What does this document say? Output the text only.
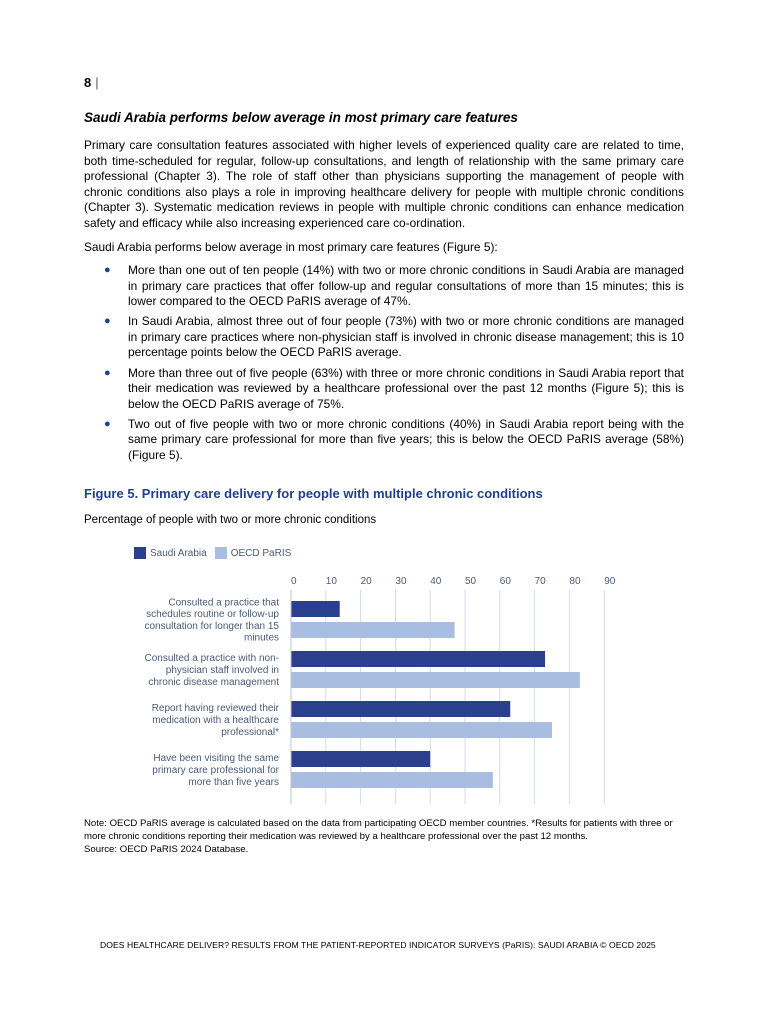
8 |
Saudi Arabia performs below average in most primary care features

Primary care consultation features associated with higher levels of experienced quality care are related to time, both time-scheduled for regular, follow-up consultations, and length of relationship with the same primary care professional (Chapter 3). The role of staff other than physicians supporting the management of people with chronic conditions also plays a role in improving healthcare delivery for people with multiple chronic conditions (Chapter 3). Systematic medication reviews in people with multiple chronic conditions can enhance medication safety and efficacy while also increasing experienced care co-ordination.

Saudi Arabia performs below average in most primary care features (Figure 5):

● More than one out of ten people (14%) with two or more chronic conditions in Saudi Arabia are managed in primary care practices that offer follow-up and regular consultations of more than 15 minutes; this is lower compared to the OECD PaRIS average of 47%.
● In Saudi Arabia, almost three out of four people (73%) with two or more chronic conditions are managed in primary care practices where non-physician staff is involved in chronic disease management; this is 10 percentage points below the OECD PaRIS average.
● More than three out of five people (63%) with three or more chronic conditions in Saudi Arabia report that their medication was reviewed by a healthcare professional over the past 12 months (Figure 5); this is below the OECD PaRIS average of 75%.
● Two out of five people with two or more chronic conditions (40%) in Saudi Arabia report being with the same primary care professional for more than five years; this is below the OECD PaRIS average (58%) (Figure 5).
Figure 5. Primary care delivery for people with multiple chronic conditions
Percentage of people with two or more chronic conditions
Saudi Arabia OECD PaRIS
0	10 20 30 40 50 60 70 80 90
Consulted a practice that
schedules routine or follow-up
consultation for longer than 15
minutes
Consulted a practice with non-
physician staff involved in
chronic disease management
Report having reviewed their
medication with a healthcare
professional*
Have been visiting the same
primary care professional for
more than five years
Note: OECD PaRIS average is calculated based on the data from participating OECD member countries. *Results for patients with three or more chronic conditions reporting their medication was reviewed by a healthcare professional over the past 12 months.
Source: OECD PaRIS 2024 Database.
DOES HEALTHCARE DELIVER? RESULTS FROM THE PATIENT-REPORTED INDICATOR SURVEYS (PaRIS): SAUDI ARABIA © OECD 2025
